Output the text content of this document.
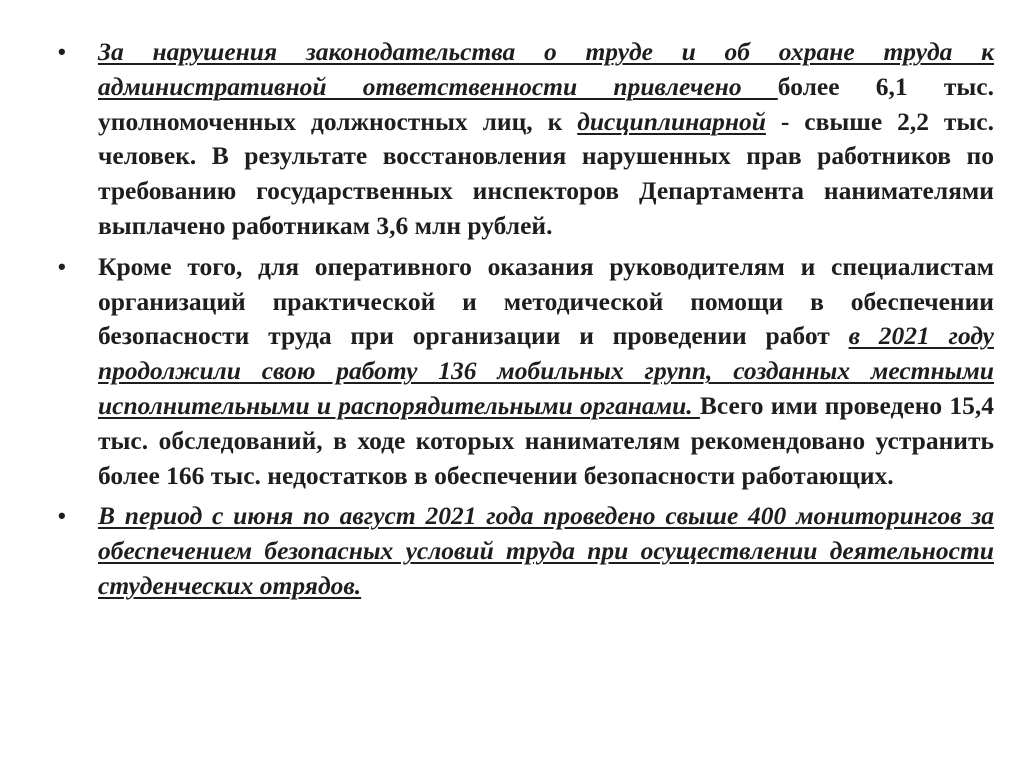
• За нарушения законодательства о труде и об охране труда к административной ответственности привлечено более 6,1 тыс. уполномоченных должностных лиц, к дисциплинарной - свыше 2,2 тыс. человек. В результате восстановления нарушенных прав работников по требованию государственных инспекторов Департамента нанимателями выплачено работникам 3,6 млн рублей.
• Кроме того, для оперативного оказания руководителям и специалистам организаций практической и методической помощи в обеспечении безопасности труда при организации и проведении работ в 2021 году продолжили свою работу 136 мобильных групп, созданных местными исполнительными и распорядительными органами. Всего ими проведено 15,4 тыс. обследований, в ходе которых нанимателям рекомендовано устранить более 166 тыс. недостатков в обеспечении безопасности работающих.
• В период с июня по август 2021 года проведено свыше 400 мониторингов за обеспечением безопасных условий труда при осуществлении деятельности студенческих отрядов.
